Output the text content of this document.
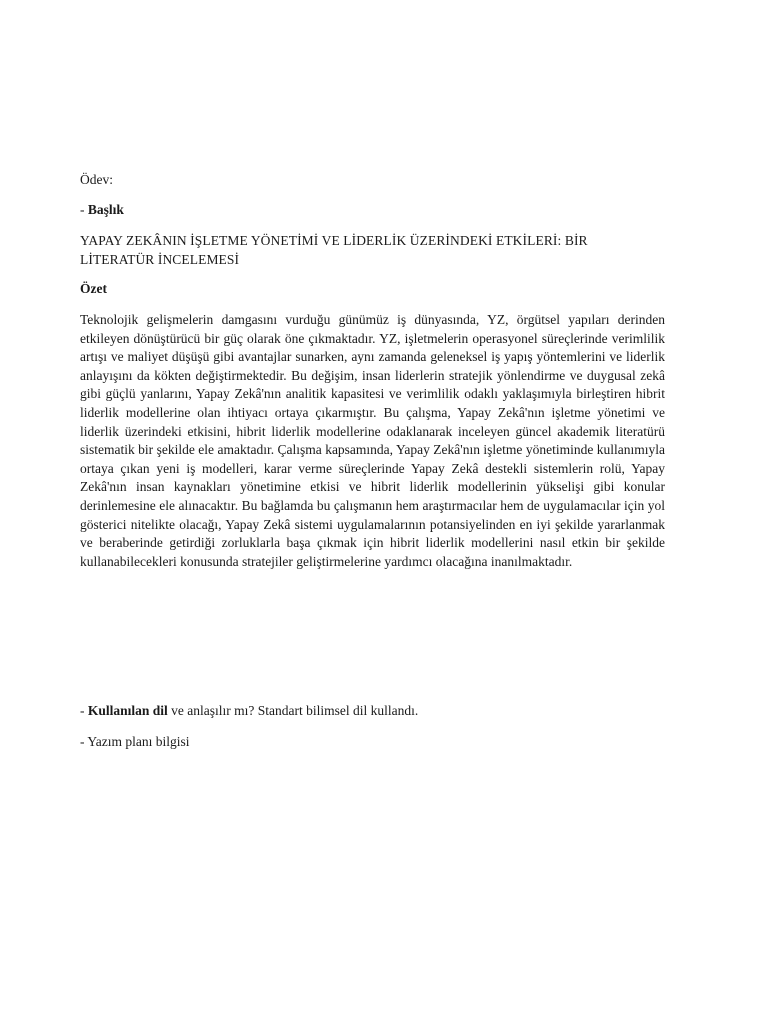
Ödev:

- Başlık

YAPAY ZEKÂNIN İŞLETME YÖNETİMİ VE LİDERLİK ÜZERİNDEKİ ETKİLERİ: BİR LİTERATÜR İNCELEMESİ

Özet

Teknolojik gelişmelerin damgasını vurduğu günümüz iş dünyasında, YZ, örgütsel yapıları derinden etkileyen dönüştürücü bir güç olarak öne çıkmaktadır. YZ, işletmelerin operasyonel süreçlerinde verimlilik artışı ve maliyet düşüşü gibi avantajlar sunarken, aynı zamanda geleneksel iş yapış yöntemlerini ve liderlik anlayışını da kökten değiştirmektedir. Bu değişim, insan liderlerin stratejik yönlendirme ve duygusal zekâ gibi güçlü yanlarını, Yapay Zekâ'nın analitik kapasitesi ve verimlilik odaklı yaklaşımıyla birleştiren hibrit liderlik modellerine olan ihtiyacı ortaya çıkarmıştır. Bu çalışma, Yapay Zekâ'nın işletme yönetimi ve liderlik üzerindeki etkisini, hibrit liderlik modellerine odaklanarak inceleyen güncel akademik literatürü sistematik bir şekilde ele amaktadır. Çalışma kapsamında, Yapay Zekâ'nın işletme yönetiminde kullanımıyla ortaya çıkan yeni iş modelleri, karar verme süreçlerinde Yapay Zekâ destekli sistemlerin rolü, Yapay Zekâ'nın insan kaynakları yönetimine etkisi ve hibrit liderlik modellerinin yükselişi gibi konular derinlemesine ele alınacaktır. Bu bağlamda bu çalışmanın hem araştırmacılar hem de uygulamacılar için yol gösterici nitelikte olacağı, Yapay Zekâ sistemi uygulamalarının potansiyelinden en iyi şekilde yararlanmak ve beraberinde getirdiği zorluklarla başa çıkmak için hibrit liderlik modellerini nasıl etkin bir şekilde kullanabilecekleri konusunda stratejiler geliştirmelerine yardımcı olacağına inanılmaktadır.

- Kullanılan dil ve anlaşılır mı? Standart bilimsel dil kullandı.

- Yazım planı bilgisi
